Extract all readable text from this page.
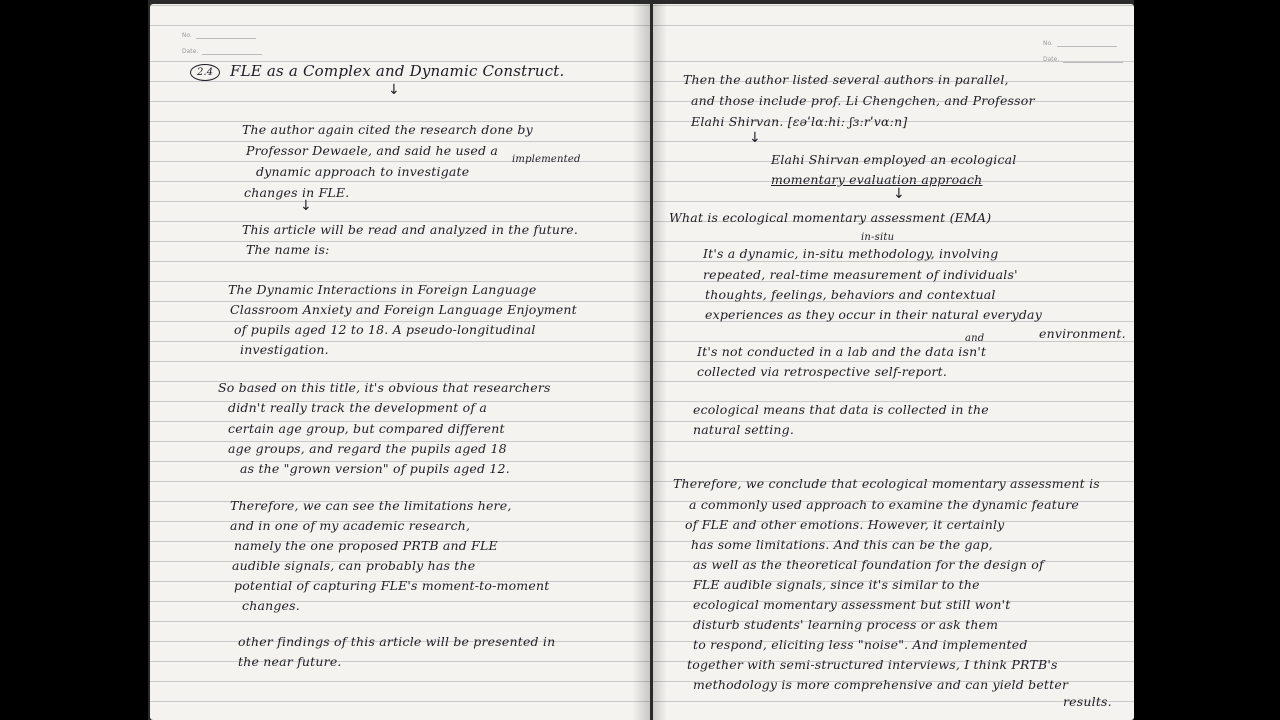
No.
Date.
2.4	FLE as a Complex and Dynamic Construct.
↓
implemented
The author again cited the research done by
Professor Dewaele, and said he used a
dynamic approach to investigate
changes in FLE.
↓
This article will be read and analyzed in the future.
The name is:
The Dynamic Interactions in Foreign Language
Classroom Anxiety and Foreign Language Enjoyment
of pupils aged 12 to 18. A pseudo-longitudinal
investigation.
So based on this title, it's obvious that researchers
didn't really track the development of a
certain age group, but compared different
age groups, and regard the pupils aged 18
as the "grown version" of pupils aged 12.
Therefore, we can see the limitations here,
and in one of my academic research,
namely the one proposed PRTB and FLE
audible signals, can probably has the
potential of capturing FLE's moment-to-moment
changes.
other findings of this article will be presented in
the near future.
No.
Date.
Then the author listed several authors in parallel,
and those include prof. Li Chengchen, and Professor
Elahi Shirvan. [ɛəˈlɑːhiː ʃɜːrˈvɑːn]
↓
Elahi Shirvan employed an ecological
momentary evaluation approach
↓
What is ecological momentary assessment (EMA)
in-situ
It's a dynamic, in-situ methodology, involving
repeated, real-time measurement of individuals'
thoughts, feelings, behaviors and contextual
experiences as they occur in their natural everyday
environment.
and
It's not conducted in a lab and the data isn't
collected via retrospective self-report.
ecological means that data is collected in the
natural setting.
Therefore, we conclude that ecological momentary assessment is
a commonly used approach to examine the dynamic feature
of FLE and other emotions. However, it certainly
has some limitations. And this can be the gap,
as well as the theoretical foundation for the design of
FLE audible signals, since it's similar to the
ecological momentary assessment but still won't
disturb students' learning process or ask them
to respond, eliciting less "noise". And implemented
together with semi-structured interviews, I think PRTB's
methodology is more comprehensive and can yield better
results.
